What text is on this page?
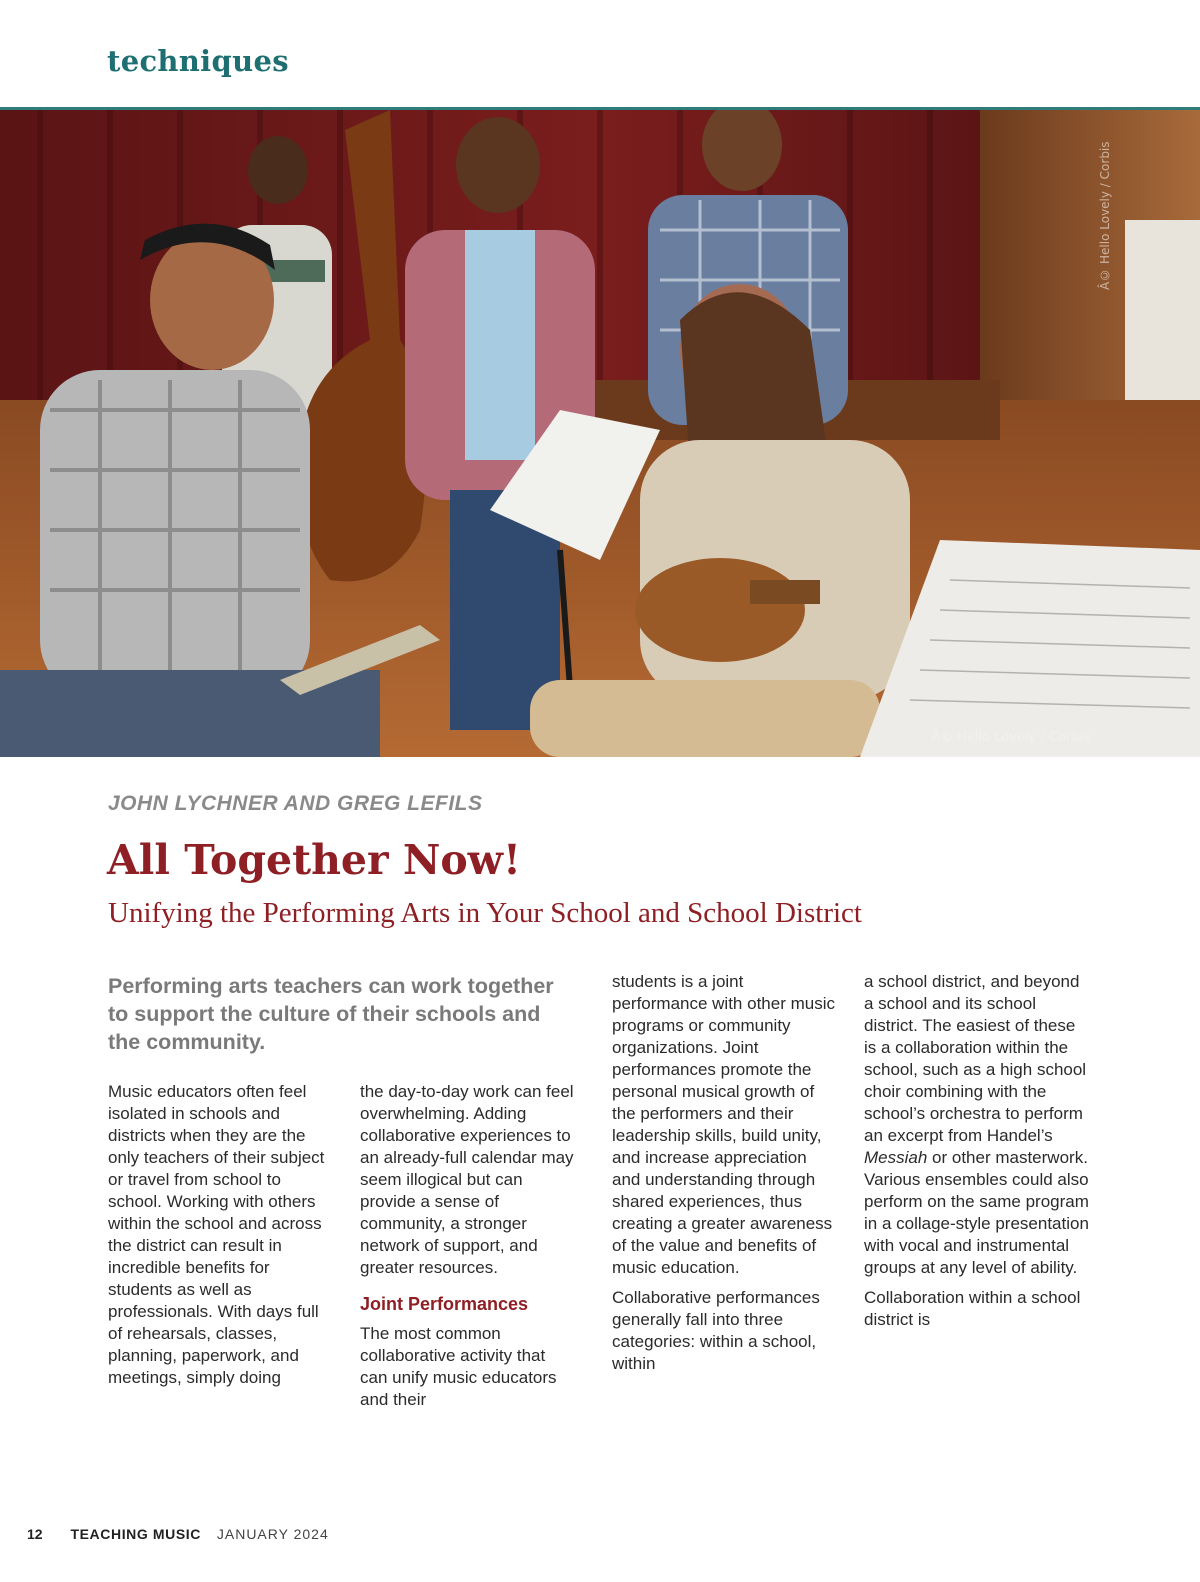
techniques
Â© Hello Lovely / Corbis
Â© Hello Lovely / Corbis
JOHN LYCHNER AND GREG LEFILS
All Together Now!
Unifying the Performing Arts in Your School and School District
Performing arts teachers can work together to support the culture of their schools and the community.

Music educators often feel isolated in schools and districts when they are the only teachers of their subject or travel from school to school. Working with others within the school and across the district can result in incredible benefits for students as well as professionals. With days full of rehearsals, classes, planning, paperwork, and meetings, simply doing

the day-to-day work can feel overwhelming. Adding collaborative experiences to an already-full calendar may seem illogical but can provide a sense of community, a stronger network of support, and greater resources.

Joint Performances

The most common collaborative activity that can unify music educators and their

students is a joint performance with other music programs or community organizations. Joint performances promote the personal musical growth of the performers and their leadership skills, build unity, and increase appreciation and understanding through shared experiences, thus creating a greater awareness of the value and benefits of music education.

Collaborative performances generally fall into three categories: within a school, within

a school district, and beyond a school and its school district. The easiest of these is a collaboration within the school, such as a high school choir combining with the school’s orchestra to perform an excerpt from Handel’s Messiah or other masterwork. Various ensembles could also perform on the same program in a collage-style presentation with vocal and instrumental groups at any level of ability.

Collaboration within a school district is

12 TEACHING MUSIC JANUARY 2024
